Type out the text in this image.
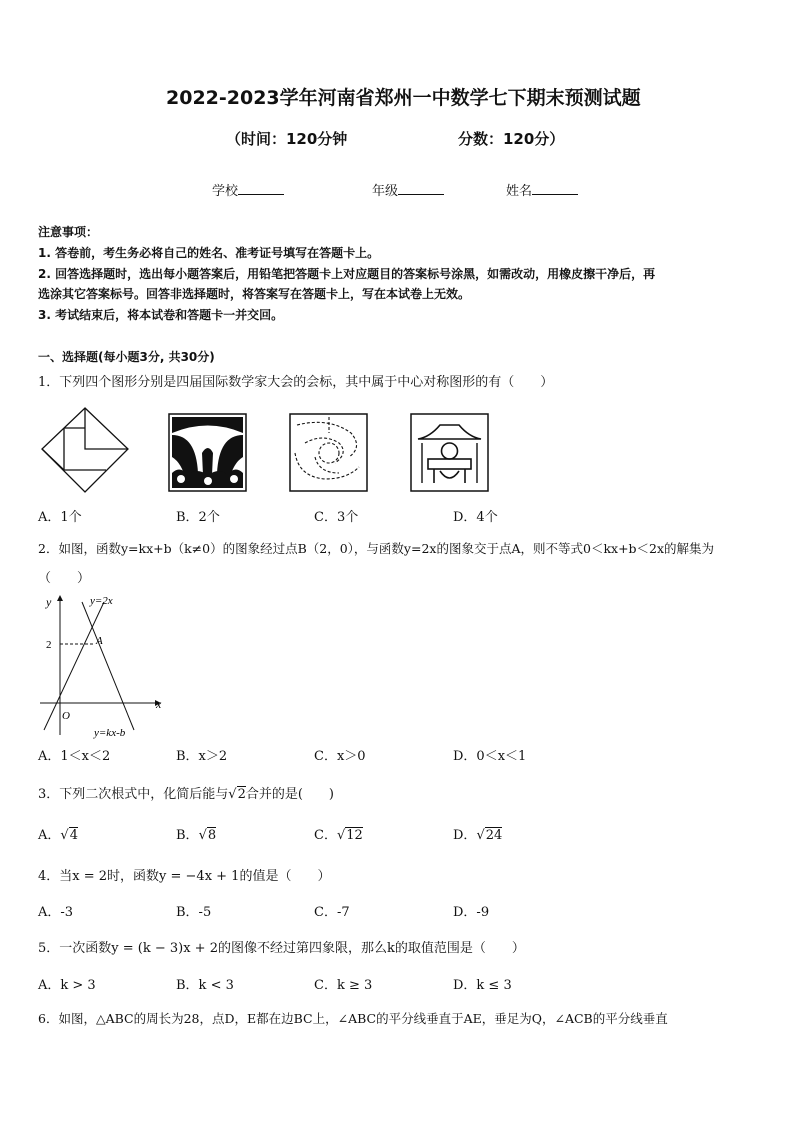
2022-2023学年河南省郑州一中数学七下期末预测试题
（时间：120分钟	分数：120分）
学校	年级	姓名
注意事项：
1. 答卷前，考生务必将自己的姓名、准考证号填写在答题卡上。
2. 回答选择题时，选出每小题答案后，用铅笔把答题卡上对应题目的答案标号涂黑，如需改动，用橡皮擦干净后，再
选涂其它答案标号。回答非选择题时，将答案写在答题卡上，写在本试卷上无效。
3. 考试结束后，将本试卷和答题卡一并交回。
一、选择题(每小题3分, 共30分)
1．下列四个图形分别是四届国际数学家大会的会标，其中属于中心对称图形的有（　　）
A．1个	B．2个	C．3个	D．4个
2．如图，函数y=kx+b（k≠0）的图象经过点B（2，0），与函数y=2x的图象交于点A，则不等式0＜kx+b＜2x的解集为
（　　）
y
x
O
y=2x
y=kx-b
A
2
A．1＜x＜2	B．x＞2	C．x＞0	D．0＜x＜1
3．下列二次根式中，化简后能与√2合并的是(　　)
A．√4	B．√8	C．√12	D．√24
4．当x = 2时，函数y = −4x + 1的值是（　　）
A．-3	B．-5	C．-7	D．-9
5．一次函数y = (k − 3)x + 2的图像不经过第四象限，那么k的取值范围是（　　）
A．k > 3	B．k < 3	C．k ≥ 3	D．k ≤ 3
6．如图，△ABC的周长为28，点D，E都在边BC上，∠ABC的平分线垂直于AE，垂足为Q，∠ACB的平分线垂直
